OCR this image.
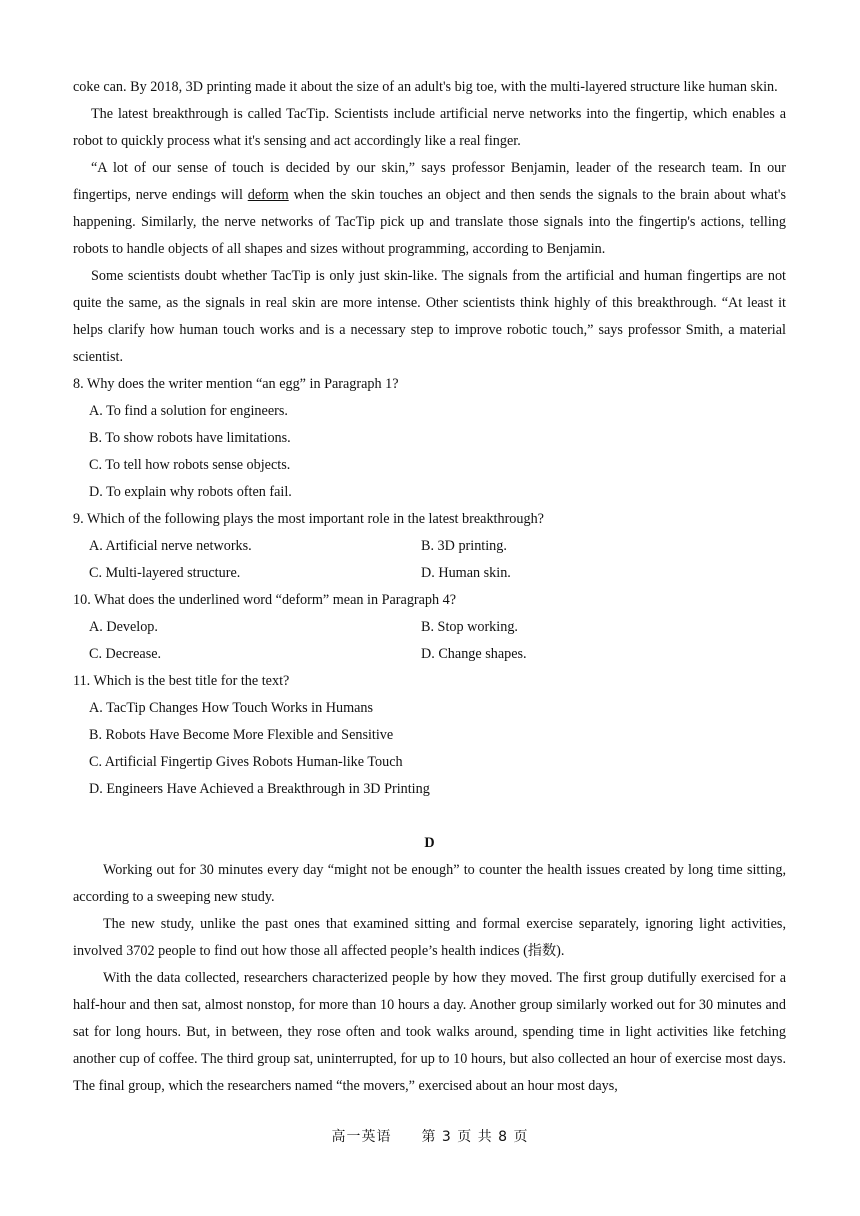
coke can. By 2018, 3D printing made it about the size of an adult's big toe, with the multi-layered structure like human skin.

The latest breakthrough is called TacTip. Scientists include artificial nerve networks into the fingertip, which enables a robot to quickly process what it's sensing and act accordingly like a real finger.

“A lot of our sense of touch is decided by our skin,” says professor Benjamin, leader of the research team. In our fingertips, nerve endings will deform when the skin touches an object and then sends the signals to the brain about what's happening. Similarly, the nerve networks of TacTip pick up and translate those signals into the fingertip's actions, telling robots to handle objects of all shapes and sizes without programming, according to Benjamin.

Some scientists doubt whether TacTip is only just skin-like. The signals from the artificial and human fingertips are not quite the same, as the signals in real skin are more intense. Other scientists think highly of this breakthrough. “At least it helps clarify how human touch works and is a necessary step to improve robotic touch,” says professor Smith, a material scientist.

8. Why does the writer mention “an egg” in Paragraph 1?

A. To find a solution for engineers.

B. To show robots have limitations.

C. To tell how robots sense objects.

D. To explain why robots often fail.

9. Which of the following plays the most important role in the latest breakthrough?

A. Artificial nerve networks.	B. 3D printing.

C. Multi-layered structure.	D. Human skin.

10. What does the underlined word “deform” mean in Paragraph 4?

A. Develop.	B. Stop working.

C. Decrease.	D. Change shapes.

11. Which is the best title for the text?

A. TacTip Changes How Touch Works in Humans

B. Robots Have Become More Flexible and Sensitive

C. Artificial Fingertip Gives Robots Human-like Touch

D. Engineers Have Achieved a Breakthrough in 3D Printing

D

Working out for 30 minutes every day “might not be enough” to counter the health issues created by long time sitting, according to a sweeping new study.

The new study, unlike the past ones that examined sitting and formal exercise separately, ignoring light activities, involved 3702 people to find out how those all affected people’s health indices (指数).

With the data collected, researchers characterized people by how they moved. The first group dutifully exercised for a half-hour and then sat, almost nonstop, for more than 10 hours a day. Another group similarly worked out for 30 minutes and sat for long hours. But, in between, they rose often and took walks around, spending time in light activities like fetching another cup of coffee. The third group sat, uninterrupted, for up to 10 hours, but also collected an hour of exercise most days. The final group, which the researchers named “the movers,” exercised about an hour most days,

高一英语　　第 3 页 共 8 页
